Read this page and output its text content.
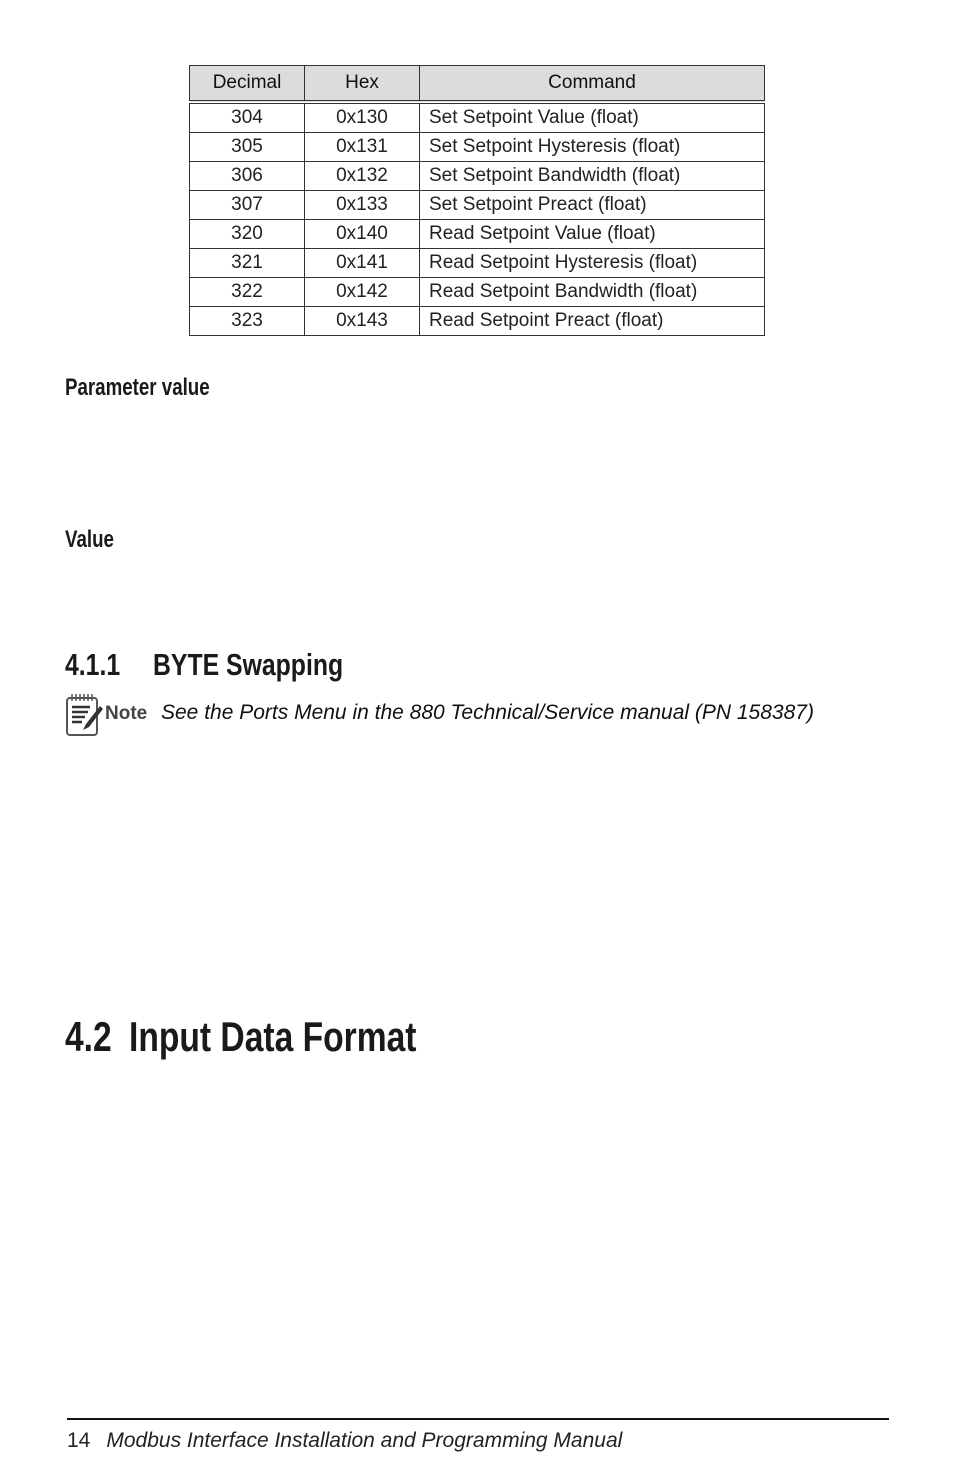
Decimal	Hex	Command
304	0x130	Set Setpoint Value (float)
305	0x131	Set Setpoint Hysteresis (float)
306	0x132	Set Setpoint Bandwidth (float)
307	0x133	Set Setpoint Preact (float)
320	0x140	Read Setpoint Value (float)
321	0x141	Read Setpoint Hysteresis (float)
322	0x142	Read Setpoint Bandwidth (float)
323	0x143	Read Setpoint Preact (float)
Parameter value
Value
4.1.1 BYTE Swapping
Note See the Ports Menu in the 880 Technical/Service manual (PN 158387)
4.2 Input Data Format
14 Modbus Interface Installation and Programming Manual
